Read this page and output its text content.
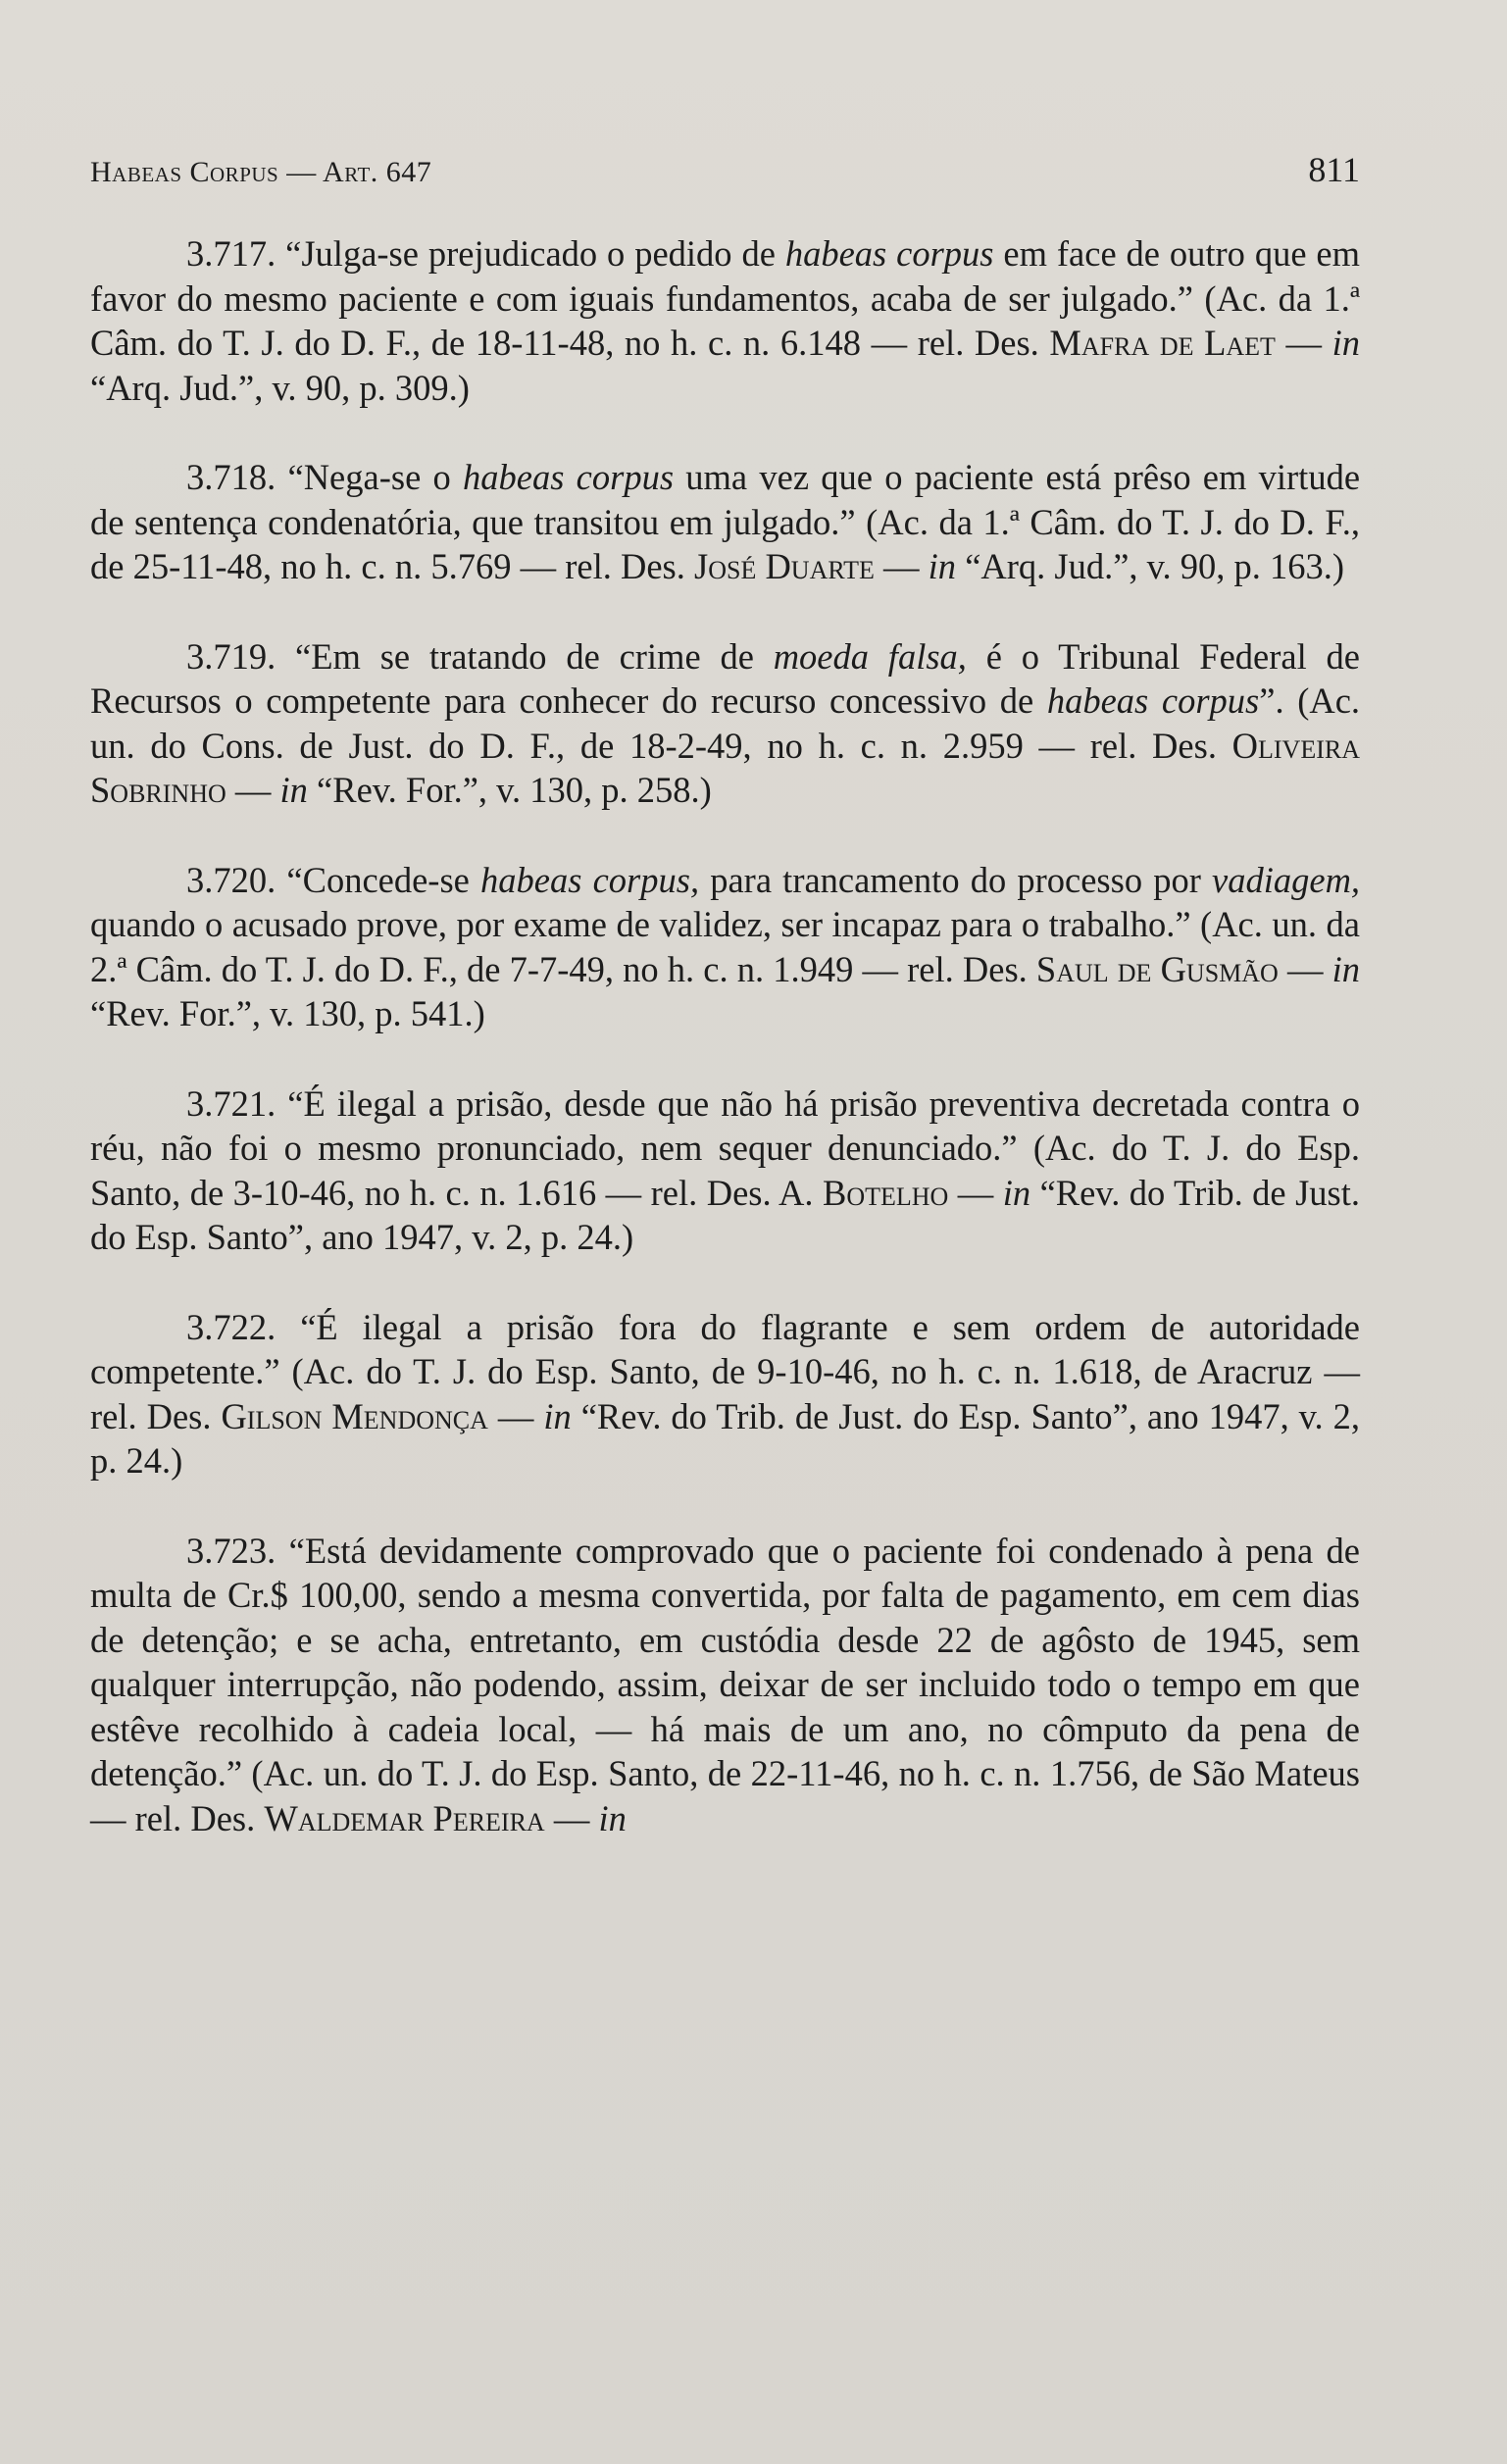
Habeas Corpus — Art. 647	811

3.717. “Julga-se prejudicado o pedido de habeas corpus em face de outro que em favor do mesmo paciente e com iguais fundamentos, acaba de ser julgado.” (Ac. da 1.ª Câm. do T. J. do D. F., de 18-11-48, no h. c. n. 6.148 — rel. Des. Mafra de Laet — in “Arq. Jud.”, v. 90, p. 309.)

3.718. “Nega-se o habeas corpus uma vez que o paciente está prêso em virtude de sentença condenatória, que transitou em julgado.” (Ac. da 1.ª Câm. do T. J. do D. F., de 25-11-48, no h. c. n. 5.769 — rel. Des. José Duarte — in “Arq. Jud.”, v. 90, p. 163.)

3.719. “Em se tratando de crime de moeda falsa, é o Tribunal Federal de Recursos o competente para conhecer do recurso concessivo de habeas corpus”. (Ac. un. do Cons. de Just. do D. F., de 18-2-49, no h. c. n. 2.959 — rel. Des. Oliveira Sobrinho — in “Rev. For.”, v. 130, p. 258.)

3.720. “Concede-se habeas corpus, para trancamento do processo por vadiagem, quando o acusado prove, por exame de validez, ser incapaz para o trabalho.” (Ac. un. da 2.ª Câm. do T. J. do D. F., de 7-7-49, no h. c. n. 1.949 — rel. Des. Saul de Gusmão — in “Rev. For.”, v. 130, p. 541.)

3.721. “É ilegal a prisão, desde que não há prisão preventiva decretada contra o réu, não foi o mesmo pronunciado, nem sequer denunciado.” (Ac. do T. J. do Esp. Santo, de 3-10-46, no h. c. n. 1.616 — rel. Des. A. Botelho — in “Rev. do Trib. de Just. do Esp. Santo”, ano 1947, v. 2, p. 24.)

3.722. “É ilegal a prisão fora do flagrante e sem ordem de autoridade competente.” (Ac. do T. J. do Esp. Santo, de 9-10-46, no h. c. n. 1.618, de Aracruz — rel. Des. Gilson Mendonça — in “Rev. do Trib. de Just. do Esp. Santo”, ano 1947, v. 2, p. 24.)

3.723. “Está devidamente comprovado que o paciente foi condenado à pena de multa de Cr.$ 100,00, sendo a mesma convertida, por falta de pagamento, em cem dias de detenção; e se acha, entretanto, em custódia desde 22 de agôsto de 1945, sem qualquer interrupção, não podendo, assim, deixar de ser incluido todo o tempo em que estêve recolhido à cadeia local, — há mais de um ano, no cômputo da pena de detenção.” (Ac. un. do T. J. do Esp. Santo, de 22-11-46, no h. c. n. 1.756, de São Mateus — rel. Des. Waldemar Pereira — in
